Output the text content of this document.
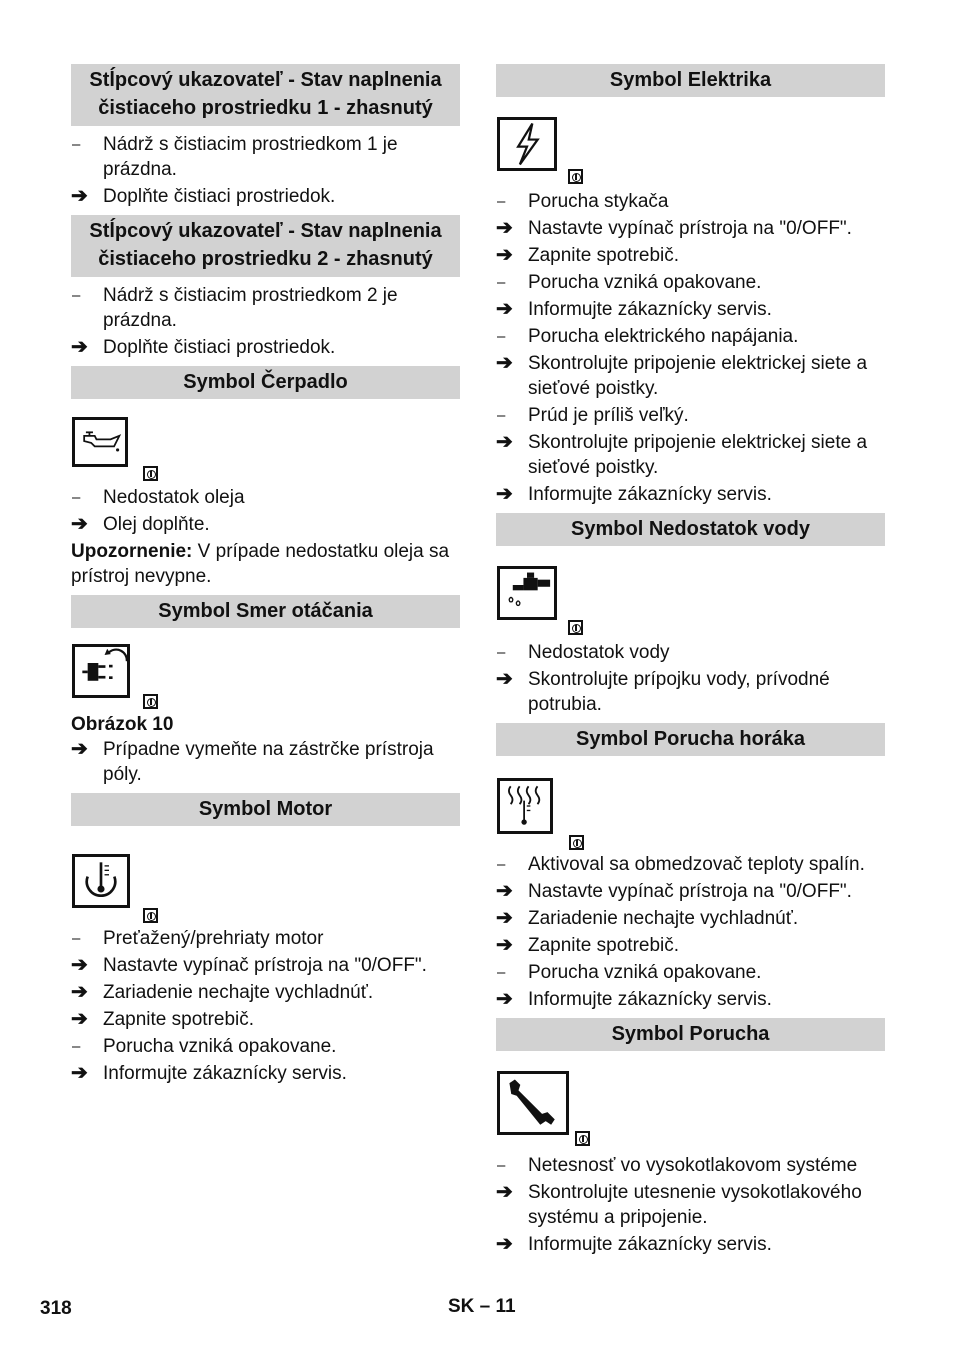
Stĺpcový ukazovateľ - Stav naplnenia čistiaceho prostriedku 1 - zhasnutý
–	Nádrž s čistiacim prostriedkom 1 je prázdna.
➔ Doplňte čistiaci prostriedok.
Stĺpcový ukazovateľ - Stav naplnenia čistiaceho prostriedku 2 - zhasnutý
–	Nádrž s čistiacim prostriedkom 2 je prázdna.
➔ Doplňte čistiaci prostriedok.
Symbol Čerpadlo
–	Nedostatok oleja
➔ Olej doplňte.
Upozornenie: V prípade nedostatku oleja sa prístroj nevypne.
Symbol Smer otáčania
Obrázok 10
➔ Prípadne vymeňte na zástrčke prístroja póly.
Symbol Motor
–	Preťažený/prehriaty motor
➔ Nastavte vypínač prístroja na "0/OFF".
➔ Zariadenie nechajte vychladnúť.
➔ Zapnite spotrebič.
–	Porucha vzniká opakovane.
➔ Informujte zákaznícky servis.
Symbol Elektrika
–	Porucha stykača
➔ Nastavte vypínač prístroja na "0/OFF".
➔ Zapnite spotrebič.
–	Porucha vzniká opakovane.
➔ Informujte zákaznícky servis.
–	Porucha elektrického napájania.
➔ Skontrolujte pripojenie elektrickej siete a sieťové poistky.
–	Prúd je príliš veľký.
➔ Skontrolujte pripojenie elektrickej siete a sieťové poistky.
➔ Informujte zákaznícky servis.
Symbol Nedostatok vody
–	Nedostatok vody
➔ Skontrolujte prípojku vody, prívodné potrubia.
Symbol Porucha horáka
–	Aktivoval sa obmedzovač teploty spalín.
➔ Nastavte vypínač prístroja na "0/OFF".
➔ Zariadenie nechajte vychladnúť.
➔ Zapnite spotrebič.
–	Porucha vzniká opakovane.
➔ Informujte zákaznícky servis.
Symbol Porucha
–	Netesnosť vo vysokotlakovom systéme
➔ Skontrolujte utesnenie vysokotlakového systému a pripojenie.
➔ Informujte zákaznícky servis.
318	SK – 11
